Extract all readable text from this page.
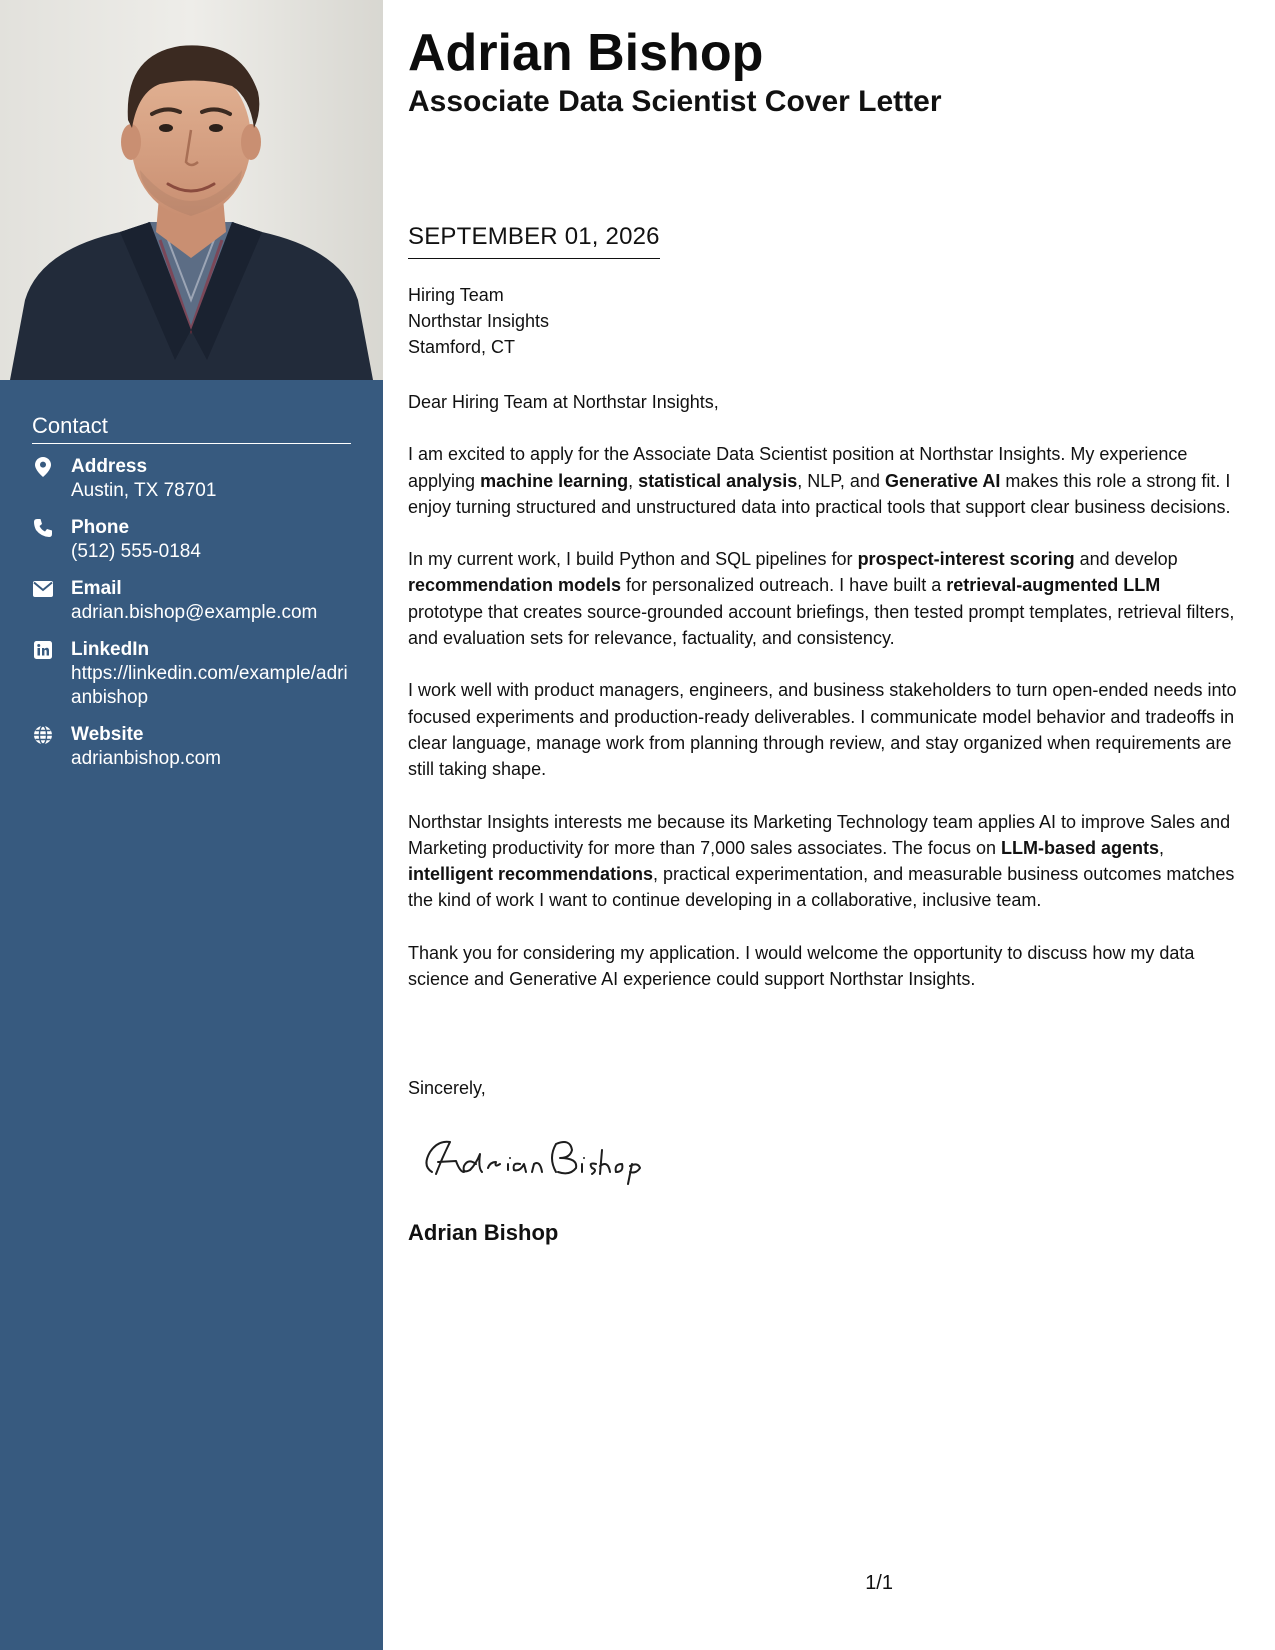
Contact
Address
Austin, TX 78701
Phone
(512) 555-0184
Email
adrian.bishop@example.com
LinkedIn
https://linkedin.com/example/adrianbishop
Website
adrianbishop.com
Adrian Bishop
Associate Data Scientist Cover Letter
SEPTEMBER 01, 2026
Hiring Team
Northstar Insights
Stamford, CT

Dear Hiring Team at Northstar Insights,

I am excited to apply for the Associate Data Scientist position at Northstar Insights. My experience applying machine learning, statistical analysis, NLP, and Generative AI makes this role a strong fit. I enjoy turning structured and unstructured data into practical tools that support clear business decisions.

In my current work, I build Python and SQL pipelines for prospect-interest scoring and develop recommendation models for personalized outreach. I have built a retrieval-augmented LLM prototype that creates source-grounded account briefings, then tested prompt templates, retrieval filters, and evaluation sets for relevance, factuality, and consistency.

I work well with product managers, engineers, and business stakeholders to turn open-ended needs into focused experiments and production-ready deliverables. I communicate model behavior and tradeoffs in clear language, manage work from planning through review, and stay organized when requirements are still taking shape.

Northstar Insights interests me because its Marketing Technology team applies AI to improve Sales and Marketing productivity for more than 7,000 sales associates. The focus on LLM-based agents, intelligent recommendations, practical experimentation, and measurable business outcomes matches the kind of work I want to continue developing in a collaborative, inclusive team.

Thank you for considering my application. I would welcome the opportunity to discuss how my data science and Generative AI experience could support Northstar Insights.

Sincerely,
Adrian Bishop
1/1
